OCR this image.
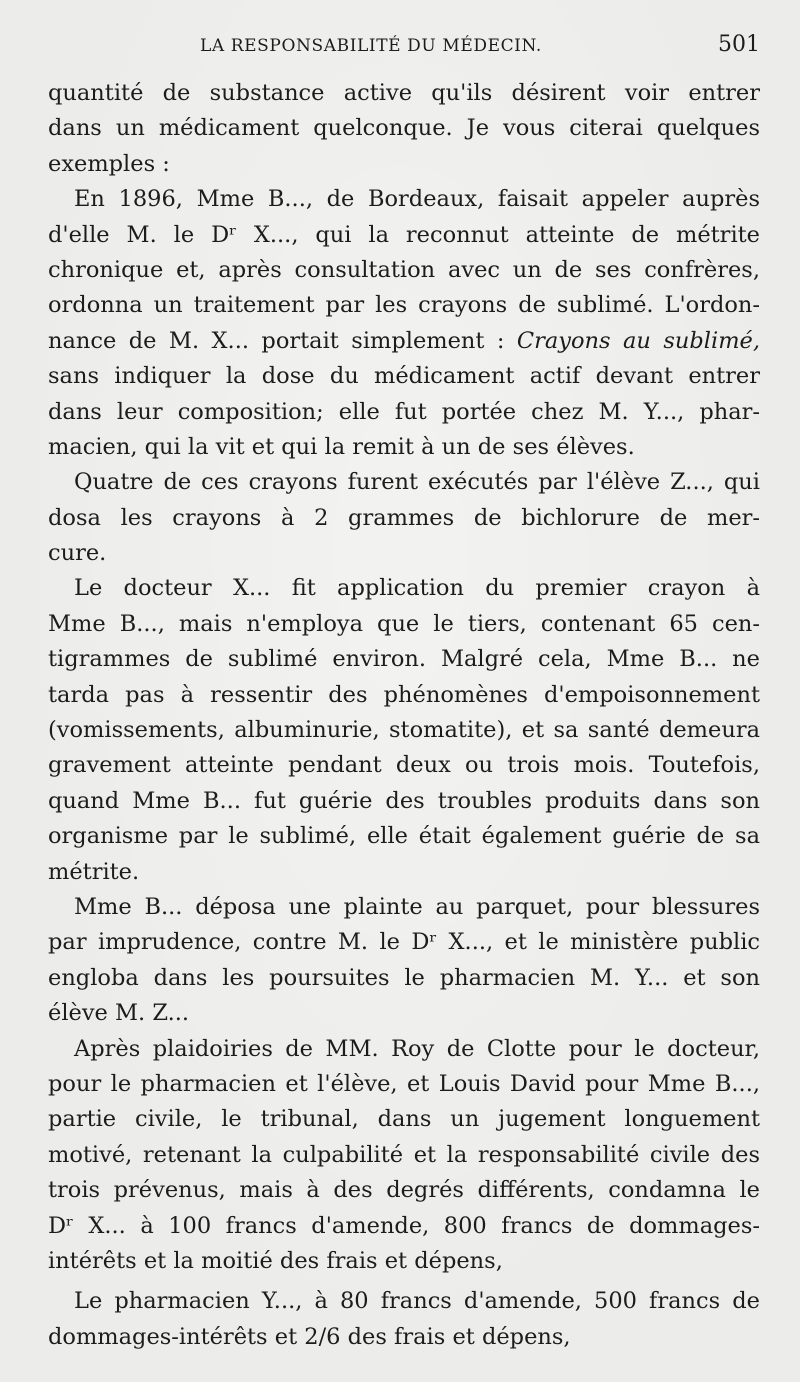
LA RESPONSABILITÉ DU MÉDECIN.	501
quantité de substance active qu'ils désirent voir entrer
dans un médicament quelconque. Je vous citerai quelques
exemples :
En 1896, Mme B..., de Bordeaux, faisait appeler auprès
d'elle M. le Dʳ X..., qui la reconnut atteinte de métrite
chronique et, après consultation avec un de ses confrères,
ordonna un traitement par les crayons de sublimé. L'ordon-
nance de M. X... portait simplement : Crayons au sublimé,
sans indiquer la dose du médicament actif devant entrer
dans leur composition; elle fut portée chez M. Y..., phar-
macien, qui la vit et qui la remit à un de ses élèves.
Quatre de ces crayons furent exécutés par l'élève Z..., qui
dosa les crayons à 2 grammes de bichlorure de mer-
cure.
Le docteur X... fit application du premier crayon à
Mme B..., mais n'employa que le tiers, contenant 65 cen-
tigrammes de sublimé environ. Malgré cela, Mme B... ne
tarda pas à ressentir des phénomènes d'empoisonnement
(vomissements, albuminurie, stomatite), et sa santé demeura
gravement atteinte pendant deux ou trois mois. Toutefois,
quand Mme B... fut guérie des troubles produits dans son
organisme par le sublimé, elle était également guérie de sa
métrite.
Mme B... déposa une plainte au parquet, pour blessures
par imprudence, contre M. le Dʳ X..., et le ministère public
engloba dans les poursuites le pharmacien M. Y... et son
élève M. Z...
Après plaidoiries de MM. Roy de Clotte pour le docteur,
pour le pharmacien et l'élève, et Louis David pour Mme B...,
partie civile, le tribunal, dans un jugement longuement
motivé, retenant la culpabilité et la responsabilité civile des
trois prévenus, mais à des degrés différents, condamna le
Dʳ X... à 100 francs d'amende, 800 francs de dommages-
intérêts et la moitié des frais et dépens,
Le pharmacien Y..., à 80 francs d'amende, 500 francs de
dommages-intérêts et 2/6 des frais et dépens,
